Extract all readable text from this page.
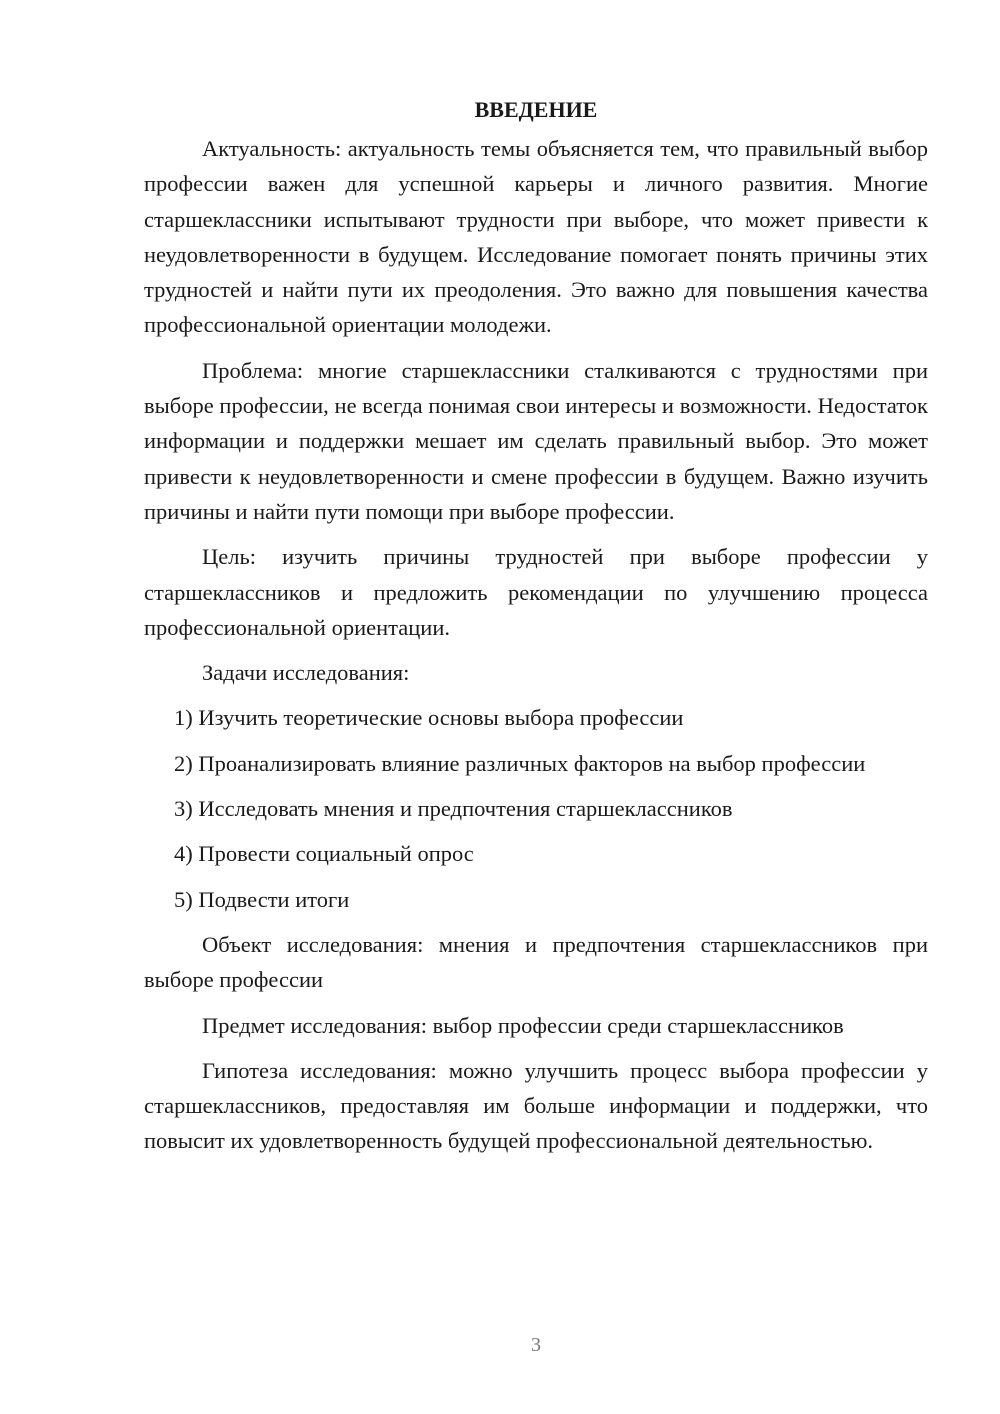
ВВЕДЕНИЕ

Актуальность: актуальность темы объясняется тем, что правильный выбор профессии важен для успешной карьеры и личного развития. Многие старшеклассники испытывают трудности при выборе, что может привести к неудовлетворенности в будущем. Исследование помогает понять причины этих трудностей и найти пути их преодоления. Это важно для повышения качества профессиональной ориентации молодежи.

Проблема: многие старшеклассники сталкиваются с трудностями при выборе профессии, не всегда понимая свои интересы и возможности. Недостаток информации и поддержки мешает им сделать правильный выбор. Это может привести к неудовлетворенности и смене профессии в будущем. Важно изучить причины и найти пути помощи при выборе профессии.

Цель: изучить причины трудностей при выборе профессии у старшеклассников и предложить рекомендации по улучшению процесса профессиональной ориентации.

Задачи исследования:

1) Изучить теоретические основы выбора профессии

2) Проанализировать влияние различных факторов на выбор профессии

3) Исследовать мнения и предпочтения старшеклассников

4) Провести социальный опрос

5) Подвести итоги

Объект исследования: мнения и предпочтения старшеклассников при выборе профессии

Предмет исследования: выбор профессии среди старшеклассников

Гипотеза исследования: можно улучшить процесс выбора профессии у старшеклассников, предоставляя им больше информации и поддержки, что повысит их удовлетворенность будущей профессиональной деятельностью.

3
